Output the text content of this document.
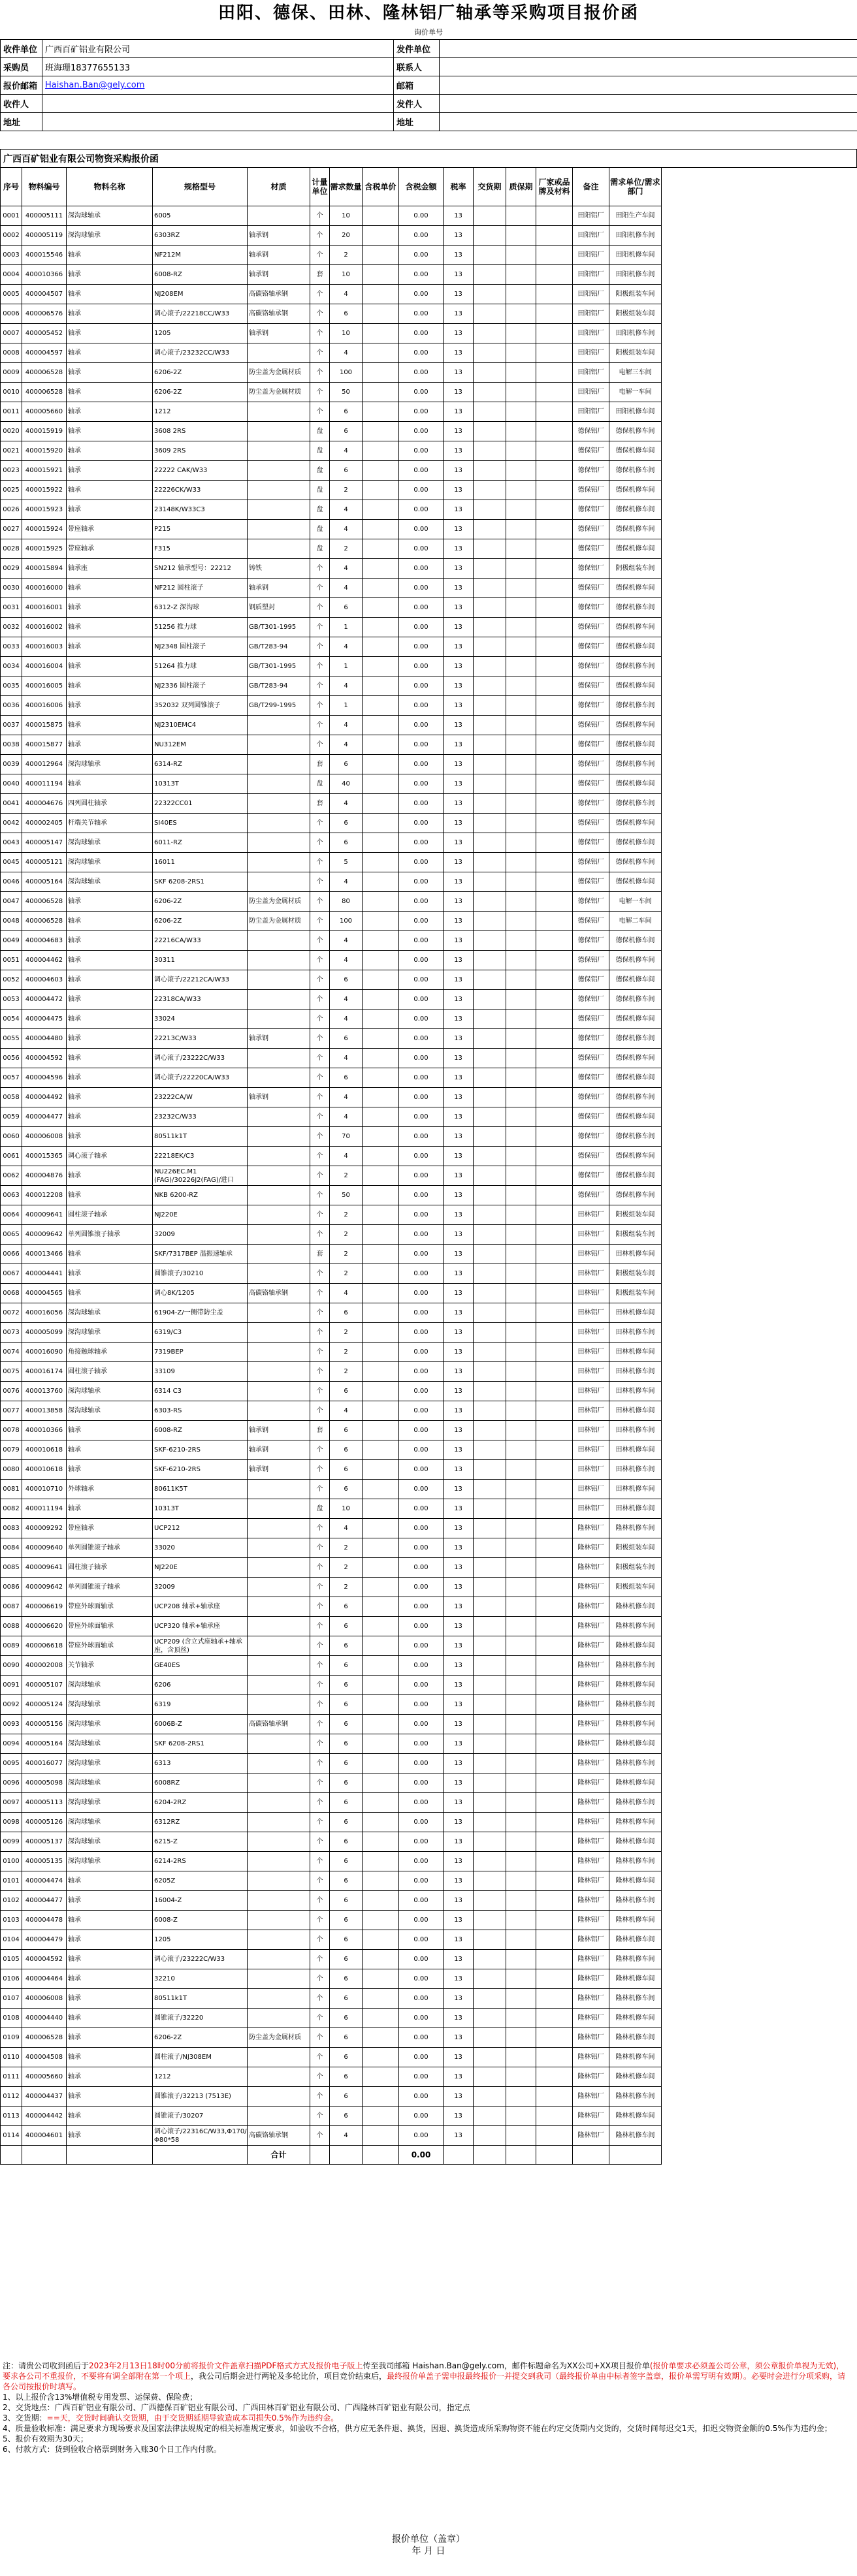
田阳、德保、田林、隆林铝厂轴承等采购项目报价函
询价单号
收件单位	广西百矿铝业有限公司	发件单位	
采购员	班海珊18377655133	联系人	
报价邮箱	Haishan.Ban@gely.com	邮箱	
收件人		发件人	
地址		地址	
广西百矿铝业有限公司物资采购报价函
序号	物料编号	物料名称	规格型号	材质	计量单位	需求数量	含税单价	含税金额	税率	交货期	质保期	厂家或品牌及材料	备注	需求单位/需求部门	
0001	400005111	深沟球轴承	6005		个	10		0.00	13				田阳铝厂	田阳生产车间	
0002	400005119	深沟球轴承	6303RZ	轴承钢	个	20		0.00	13				田阳铝厂	田阳机修车间	
0003	400015546	轴承	NF212M	轴承钢	个	2		0.00	13				田阳铝厂	田阳机修车间	
0004	400010366	轴承	6008-RZ	轴承钢	套	10		0.00	13				田阳铝厂	田阳机修车间	
0005	400004507	轴承	NJ208EM	高碳铬轴承钢	个	4		0.00	13				田阳铝厂	阳极组装车间	
0006	400006576	轴承	调心滚子/22218CC/W33	高碳铬轴承钢	个	6		0.00	13				田阳铝厂	阳极组装车间	
0007	400005452	轴承	1205	轴承钢	个	10		0.00	13				田阳铝厂	田阳机修车间	
0008	400004597	轴承	调心滚子/23232CC/W33		个	4		0.00	13				田阳铝厂	阳极组装车间	
0009	400006528	轴承	6206-2Z	防尘盖为金属材质	个	100		0.00	13				田阳铝厂	电解三车间	
0010	400006528	轴承	6206-2Z	防尘盖为金属材质	个	50		0.00	13				田阳铝厂	电解一车间	
0011	400005660	轴承	1212		个	6		0.00	13				田阳铝厂	田阳机修车间	
0020	400015919	轴承	3608 2RS		盘	6		0.00	13				德保铝厂	德保机修车间	
0021	400015920	轴承	3609 2RS		盘	4		0.00	13				德保铝厂	德保机修车间	
0023	400015921	轴承	22222 CAK/W33		盘	6		0.00	13				德保铝厂	德保机修车间	
0025	400015922	轴承	22226CK/W33		盘	2		0.00	13				德保铝厂	德保机修车间	
0026	400015923	轴承	23148K/W33C3		盘	4		0.00	13				德保铝厂	德保机修车间	
0027	400015924	带座轴承	P215		盘	4		0.00	13				德保铝厂	德保机修车间	
0028	400015925	带座轴承	F315		盘	2		0.00	13				德保铝厂	德保机修车间	
0029	400015894	轴承座	SN212 轴承型号：22212	铸铁	个	4		0.00	13				德保铝厂	阴极组装车间	
0030	400016000	轴承	NF212 圆柱滚子	轴承钢	个	4		0.00	13				德保铝厂	德保机修车间	
0031	400016001	轴承	6312-Z 深沟球	钢质塑封	个	6		0.00	13				德保铝厂	德保机修车间	
0032	400016002	轴承	51256 推力球	GB/T301-1995	个	1		0.00	13				德保铝厂	德保机修车间	
0033	400016003	轴承	NJ2348 圆柱滚子	GB/T283-94	个	4		0.00	13				德保铝厂	德保机修车间	
0034	400016004	轴承	51264 推力球	GB/T301-1995	个	1		0.00	13				德保铝厂	德保机修车间	
0035	400016005	轴承	NJ2336 圆柱滚子	GB/T283-94	个	4		0.00	13				德保铝厂	德保机修车间	
0036	400016006	轴承	352032 双列圆锥滚子	GB/T299-1995	个	1		0.00	13				德保铝厂	德保机修车间	
0037	400015875	轴承	NJ2310EMC4		个	4		0.00	13				德保铝厂	德保机修车间	
0038	400015877	轴承	NU312EM		个	4		0.00	13				德保铝厂	德保机修车间	
0039	400012964	深沟球轴承	6314-RZ		套	6		0.00	13				德保铝厂	德保机修车间	
0040	400011194	轴承	10313T		盘	40		0.00	13				德保铝厂	德保机修车间	
0041	400004676	四列圆柱轴承	22322CC01		套	4		0.00	13				德保铝厂	德保机修车间	
0042	400002405	杆端关节轴承	SI40ES		个	6		0.00	13				德保铝厂	德保机修车间	
0043	400005147	深沟球轴承	6011-RZ		个	6		0.00	13				德保铝厂	德保机修车间	
0045	400005121	深沟球轴承	16011		个	5		0.00	13				德保铝厂	德保机修车间	
0046	400005164	深沟球轴承	SKF 6208-2RS1		个	4		0.00	13				德保铝厂	德保机修车间	
0047	400006528	轴承	6206-2Z	防尘盖为金属材质	个	80		0.00	13				德保铝厂	电解一车间	
0048	400006528	轴承	6206-2Z	防尘盖为金属材质	个	100		0.00	13				德保铝厂	电解二车间	
0049	400004683	轴承	22216CA/W33		个	4		0.00	13				德保铝厂	德保机修车间	
0051	400004462	轴承	30311		个	4		0.00	13				德保铝厂	德保机修车间	
0052	400004603	轴承	调心滚子/22212CA/W33		个	6		0.00	13				德保铝厂	德保机修车间	
0053	400004472	轴承	22318CA/W33		个	4		0.00	13				德保铝厂	德保机修车间	
0054	400004475	轴承	33024		个	4		0.00	13				德保铝厂	德保机修车间	
0055	400004480	轴承	22213C/W33	轴承钢	个	6		0.00	13				德保铝厂	德保机修车间	
0056	400004592	轴承	调心滚子/23222C/W33		个	4		0.00	13				德保铝厂	德保机修车间	
0057	400004596	轴承	调心滚子/22220CA/W33		个	6		0.00	13				德保铝厂	德保机修车间	
0058	400004492	轴承	23222CA/W	轴承钢	个	4		0.00	13				德保铝厂	德保机修车间	
0059	400004477	轴承	23232C/W33		个	4		0.00	13				德保铝厂	德保机修车间	
0060	400006008	轴承	80511k1T		个	70		0.00	13				德保铝厂	德保机修车间	
0061	400015365	调心滚子轴承	22218EK/C3		个	4		0.00	13				德保铝厂	德保机修车间	
0062	400004876	轴承	NU226EC.M1 (FAG)/30226J2(FAG)/进口		个	2		0.00	13				德保铝厂	德保机修车间	
0063	400012208	轴承	NKB 6200-RZ		个	50		0.00	13				德保铝厂	德保机修车间	
0064	400009641	圆柱滚子轴承	NJ220E		个	2		0.00	13				田林铝厂	阳极组装车间	
0065	400009642	单列圆锥滚子轴承	32009		个	2		0.00	13				田林铝厂	阳极组装车间	
0066	400013466	轴承	SKF/7317BEP 温振速轴承		套	2		0.00	13				田林铝厂	田林机修车间	
0067	400004441	轴承	圆锥滚子/30210		个	2		0.00	13				田林铝厂	阳极组装车间	
0068	400004565	轴承	调心8K/1205	高碳铬轴承钢	个	4		0.00	13				田林铝厂	阳极组装车间	
0072	400016056	深沟球轴承	61904-Z/一侧带防尘盖		个	6		0.00	13				田林铝厂	田林机修车间	
0073	400005099	深沟球轴承	6319/C3		个	2		0.00	13				田林铝厂	田林机修车间	
0074	400016090	角接触球轴承	7319BEP		个	2		0.00	13				田林铝厂	田林机修车间	
0075	400016174	圆柱滚子轴承	33109		个	2		0.00	13				田林铝厂	田林机修车间	
0076	400013760	深沟球轴承	6314 C3		个	6		0.00	13				田林铝厂	田林机修车间	
0077	400013858	深沟球轴承	6303-RS		个	4		0.00	13				田林铝厂	田林机修车间	
0078	400010366	轴承	6008-RZ	轴承钢	套	6		0.00	13				田林铝厂	田林机修车间	
0079	400010618	轴承	SKF-6210-2RS	轴承钢	个	6		0.00	13				田林铝厂	田林机修车间	
0080	400010618	轴承	SKF-6210-2RS	轴承钢	个	6		0.00	13				田林铝厂	田林机修车间	
0081	400010710	外球轴承	80611K5T		个	6		0.00	13				田林铝厂	田林机修车间	
0082	400011194	轴承	10313T		盘	10		0.00	13				田林铝厂	田林机修车间	
0083	400009292	带座轴承	UCP212		个	4		0.00	13				隆林铝厂	隆林机修车间	
0084	400009640	单列圆锥滚子轴承	33020		个	2		0.00	13				隆林铝厂	阳极组装车间	
0085	400009641	圆柱滚子轴承	NJ220E		个	2		0.00	13				隆林铝厂	阳极组装车间	
0086	400009642	单列圆锥滚子轴承	32009		个	2		0.00	13				隆林铝厂	阳极组装车间	
0087	400006619	带座外球面轴承	UCP208 轴承+轴承座		个	6		0.00	13				隆林铝厂	隆林机修车间	
0088	400006620	带座外球面轴承	UCP320 轴承+轴承座		个	6		0.00	13				隆林铝厂	隆林机修车间	
0089	400006618	带座外球面轴承	UCP209 (含立式座轴承+轴承座，含顶丝)		个	6		0.00	13				隆林铝厂	隆林机修车间	
0090	400002008	关节轴承	GE40ES		个	6		0.00	13				隆林铝厂	隆林机修车间	
0091	400005107	深沟球轴承	6206		个	6		0.00	13				隆林铝厂	隆林机修车间	
0092	400005124	深沟球轴承	6319		个	6		0.00	13				隆林铝厂	隆林机修车间	
0093	400005156	深沟球轴承	6006B-Z	高碳铬轴承钢	个	6		0.00	13				隆林铝厂	隆林机修车间	
0094	400005164	深沟球轴承	SKF 6208-2RS1		个	6		0.00	13				隆林铝厂	隆林机修车间	
0095	400016077	深沟球轴承	6313		个	6		0.00	13				隆林铝厂	隆林机修车间	
0096	400005098	深沟球轴承	6008RZ		个	6		0.00	13				隆林铝厂	隆林机修车间	
0097	400005113	深沟球轴承	6204-2RZ		个	6		0.00	13				隆林铝厂	隆林机修车间	
0098	400005126	深沟球轴承	6312RZ		个	6		0.00	13				隆林铝厂	隆林机修车间	
0099	400005137	深沟球轴承	6215-Z		个	6		0.00	13				隆林铝厂	隆林机修车间	
0100	400005135	深沟球轴承	6214-2RS		个	6		0.00	13				隆林铝厂	隆林机修车间	
0101	400004474	轴承	6205Z		个	6		0.00	13				隆林铝厂	隆林机修车间	
0102	400004477	轴承	16004-Z		个	6		0.00	13				隆林铝厂	隆林机修车间	
0103	400004478	轴承	6008-Z		个	6		0.00	13				隆林铝厂	隆林机修车间	
0104	400004479	轴承	1205		个	6		0.00	13				隆林铝厂	隆林机修车间	
0105	400004592	轴承	调心滚子/23222C/W33		个	6		0.00	13				隆林铝厂	隆林机修车间	
0106	400004464	轴承	32210		个	6		0.00	13				隆林铝厂	隆林机修车间	
0107	400006008	轴承	80511k1T		个	6		0.00	13				隆林铝厂	隆林机修车间	
0108	400004440	轴承	圆锥滚子/32220		个	6		0.00	13				隆林铝厂	隆林机修车间	
0109	400006528	轴承	6206-2Z	防尘盖为金属材质	个	6		0.00	13				隆林铝厂	隆林机修车间	
0110	400004508	轴承	圆柱滚子/NJ308EM		个	6		0.00	13				隆林铝厂	隆林机修车间	
0111	400005660	轴承	1212		个	6		0.00	13				隆林铝厂	隆林机修车间	
0112	400004437	轴承	圆锥滚子/32213 (7513E)		个	6		0.00	13				隆林铝厂	隆林机修车间	
0113	400004442	轴承	圆锥滚子/30207		个	6		0.00	13				隆林铝厂	隆林机修车间	
0114	400004601	轴承	调心滚子/22316C/W33,Φ170/Φ80*58	高碳铬轴承钢	个	4		0.00	13				隆林铝厂	隆林机修车间	
				合计				0.00							
注：请贵公司收到函后于2023年2月13日18时00分前将报价文件盖章扫描PDF格式方式及报价电子版上传至我司邮箱 Haishan.Ban@gely.com，邮件标题命名为XX公司+XX项目报价单(报价单要求必须盖公司公章，须公章报价单视为无效)，要求各公司不重报价，不要将有调全部附在第一个项上，我公司后期会进行两轮及多轮比价，项目竞价结束后，最终报价单盖子需申报最终报价一并提交到我司（最终报价单由中标者签字盖章，报价单需写明有效期）。必要时会进行分项采购，请各公司按报价时填写。
1、以上报价含13%增值税专用发票、运保费、保险费；
2、交货地点：广西百矿铝业有限公司、广西德保百矿铝业有限公司、广西田林百矿铝业有限公司、广西隆林百矿铝业有限公司，指定点
3、交货期：==天，交货时间确认交货期，由于交货期延期导致造成本司损失0.5%作为违约金。
4、质量验收标准：满足要求方现场要求及国家法律法规规定的相关标准规定要求，如验收不合格，供方应无条件退、换货，因退、换货造成所采购物资不能在约定交货期内交货的，交货时间每迟交1天，扣迟交物资金额的0.5%作为违约金；
5、报价有效期为30天；
6、付款方式：货到验收合格票到财务入账30个日工作内付款。
报价单位（盖章）
年 月 日
